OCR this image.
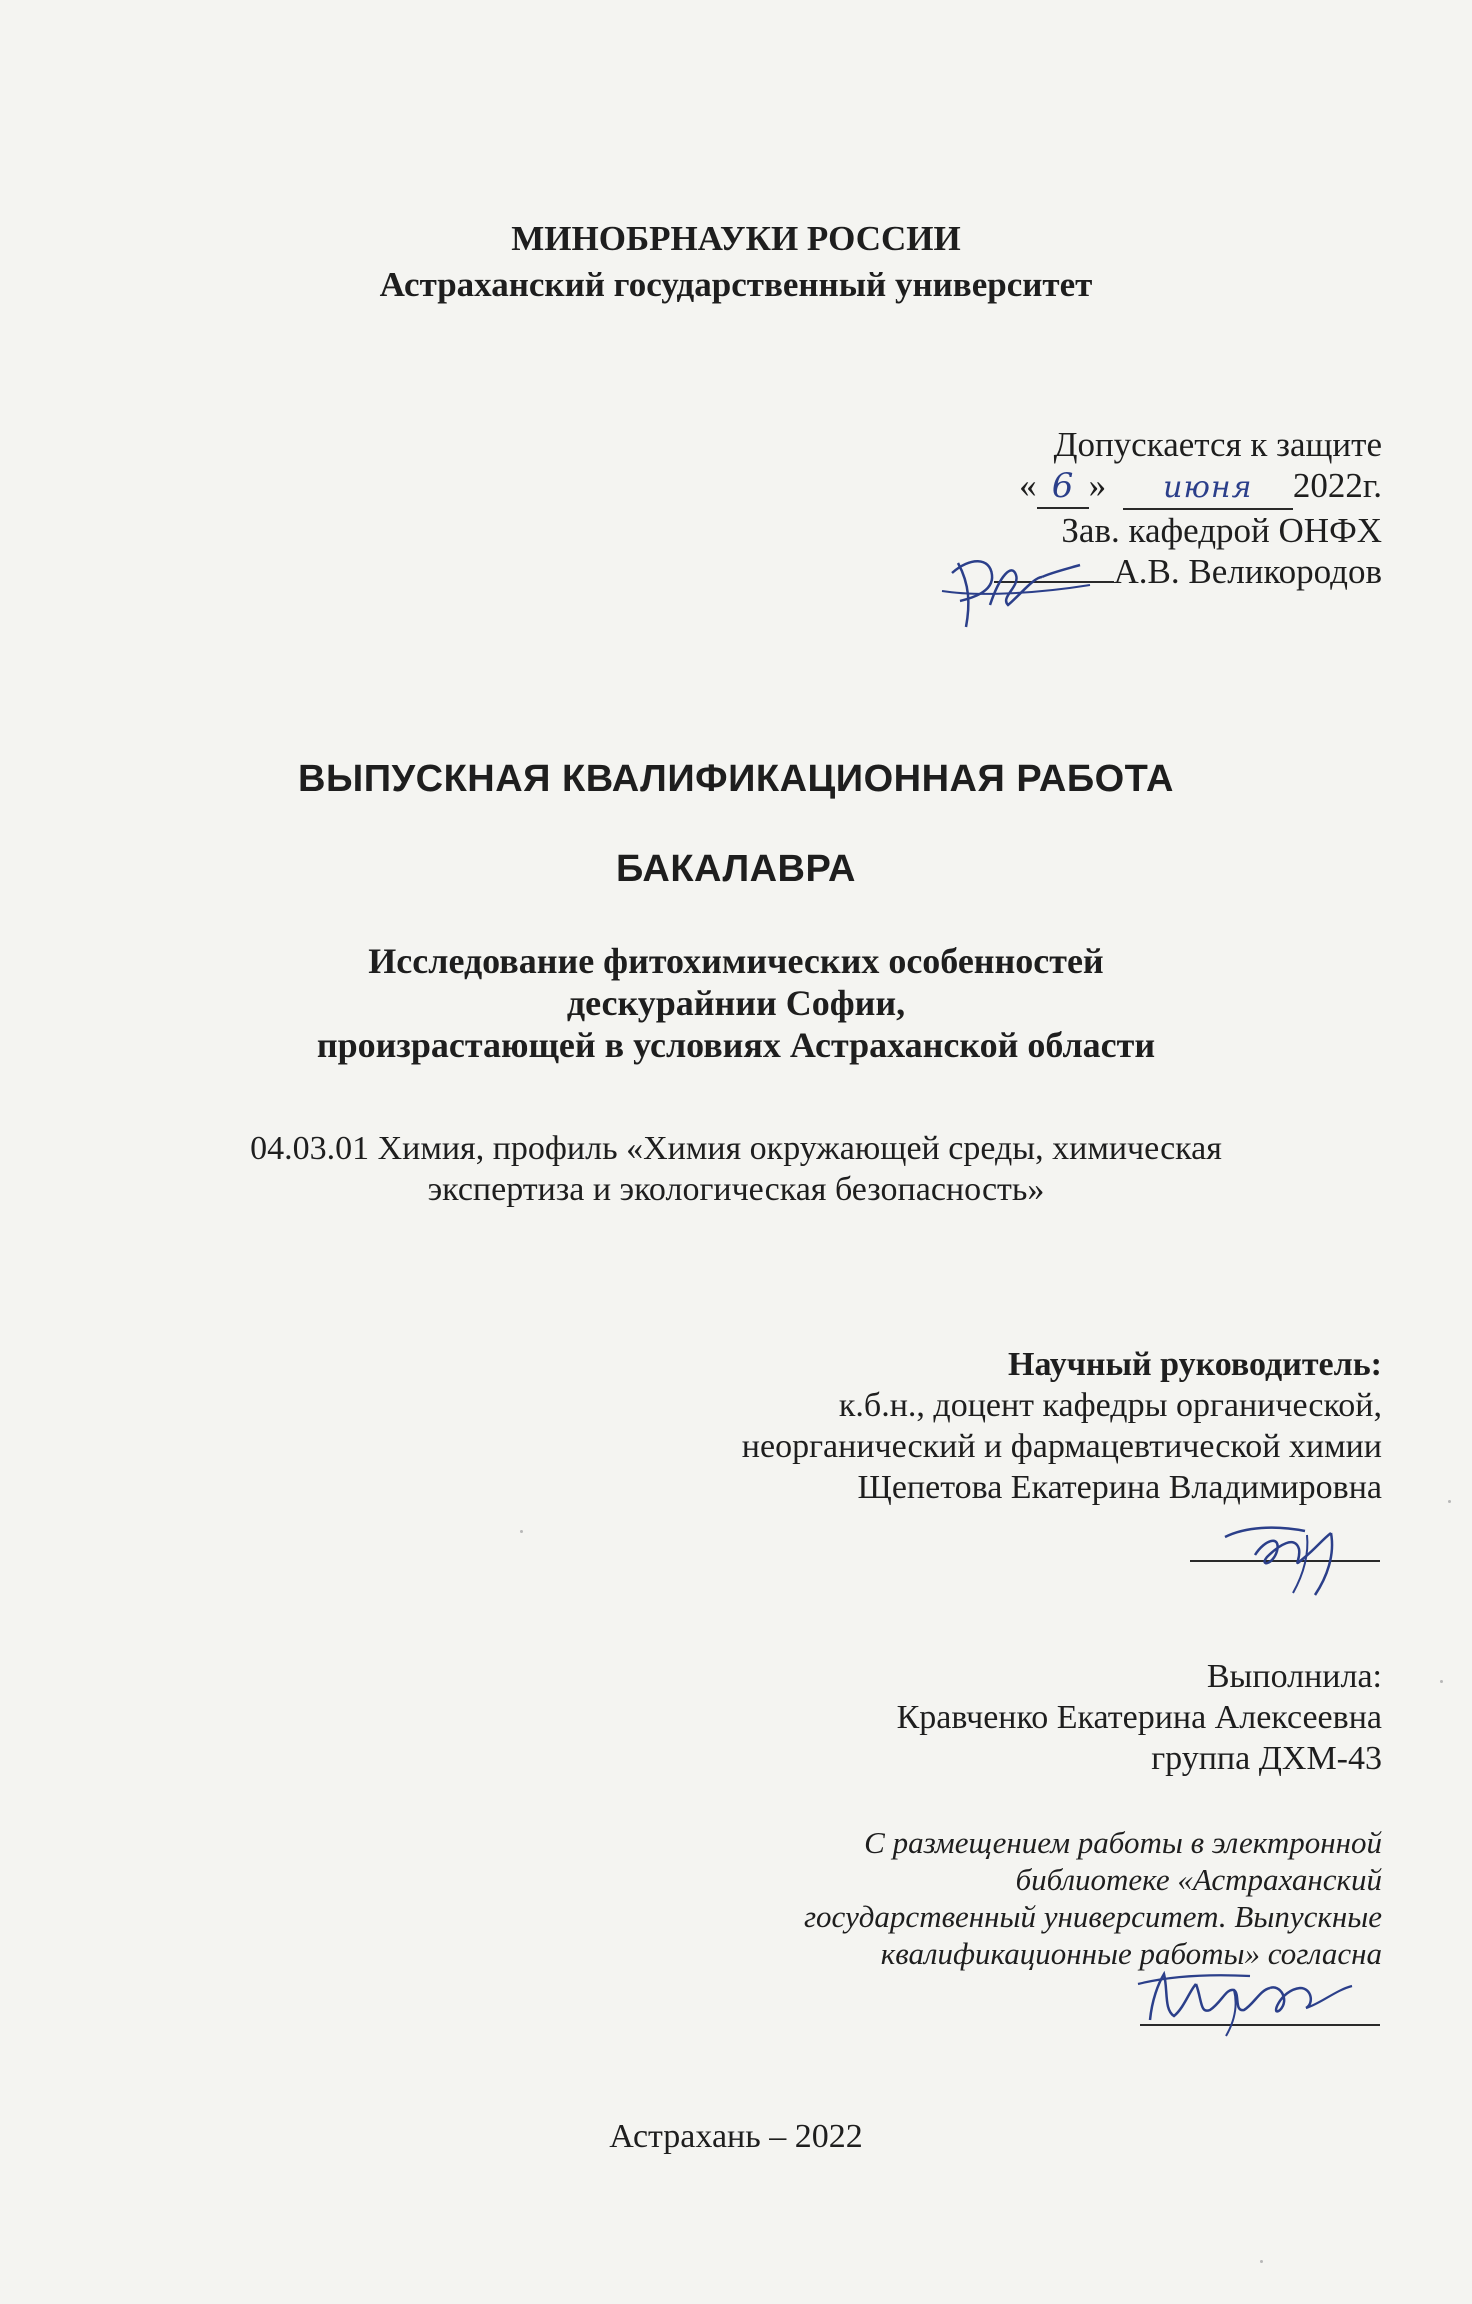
МИНОБРНАУКИ РОССИИ
Астраханский государственный университет
Допускается к защите
« 6 » июня 2022г.
Зав. кафедрой ОНФХ
А.В. Великородов
ВЫПУСКНАЯ КВАЛИФИКАЦИОННАЯ РАБОТА
БАКАЛАВРА
Исследование фитохимических особенностей
дескурайнии Софии,
произрастающей в условиях Астраханской области
04.03.01 Химия, профиль «Химия окружающей среды, химическая
экспертиза и экологическая безопасность»
Научный руководитель:
к.б.н., доцент кафедры органической,
неорганический и фармацевтической химии
Щепетова Екатерина Владимировна
Выполнила:
Кравченко Екатерина Алексеевна
группа ДХМ-43
С размещением работы в электронной
библиотеке «Астраханский
государственный университет. Выпускные
квалификационные работы» согласна
Астрахань – 2022
